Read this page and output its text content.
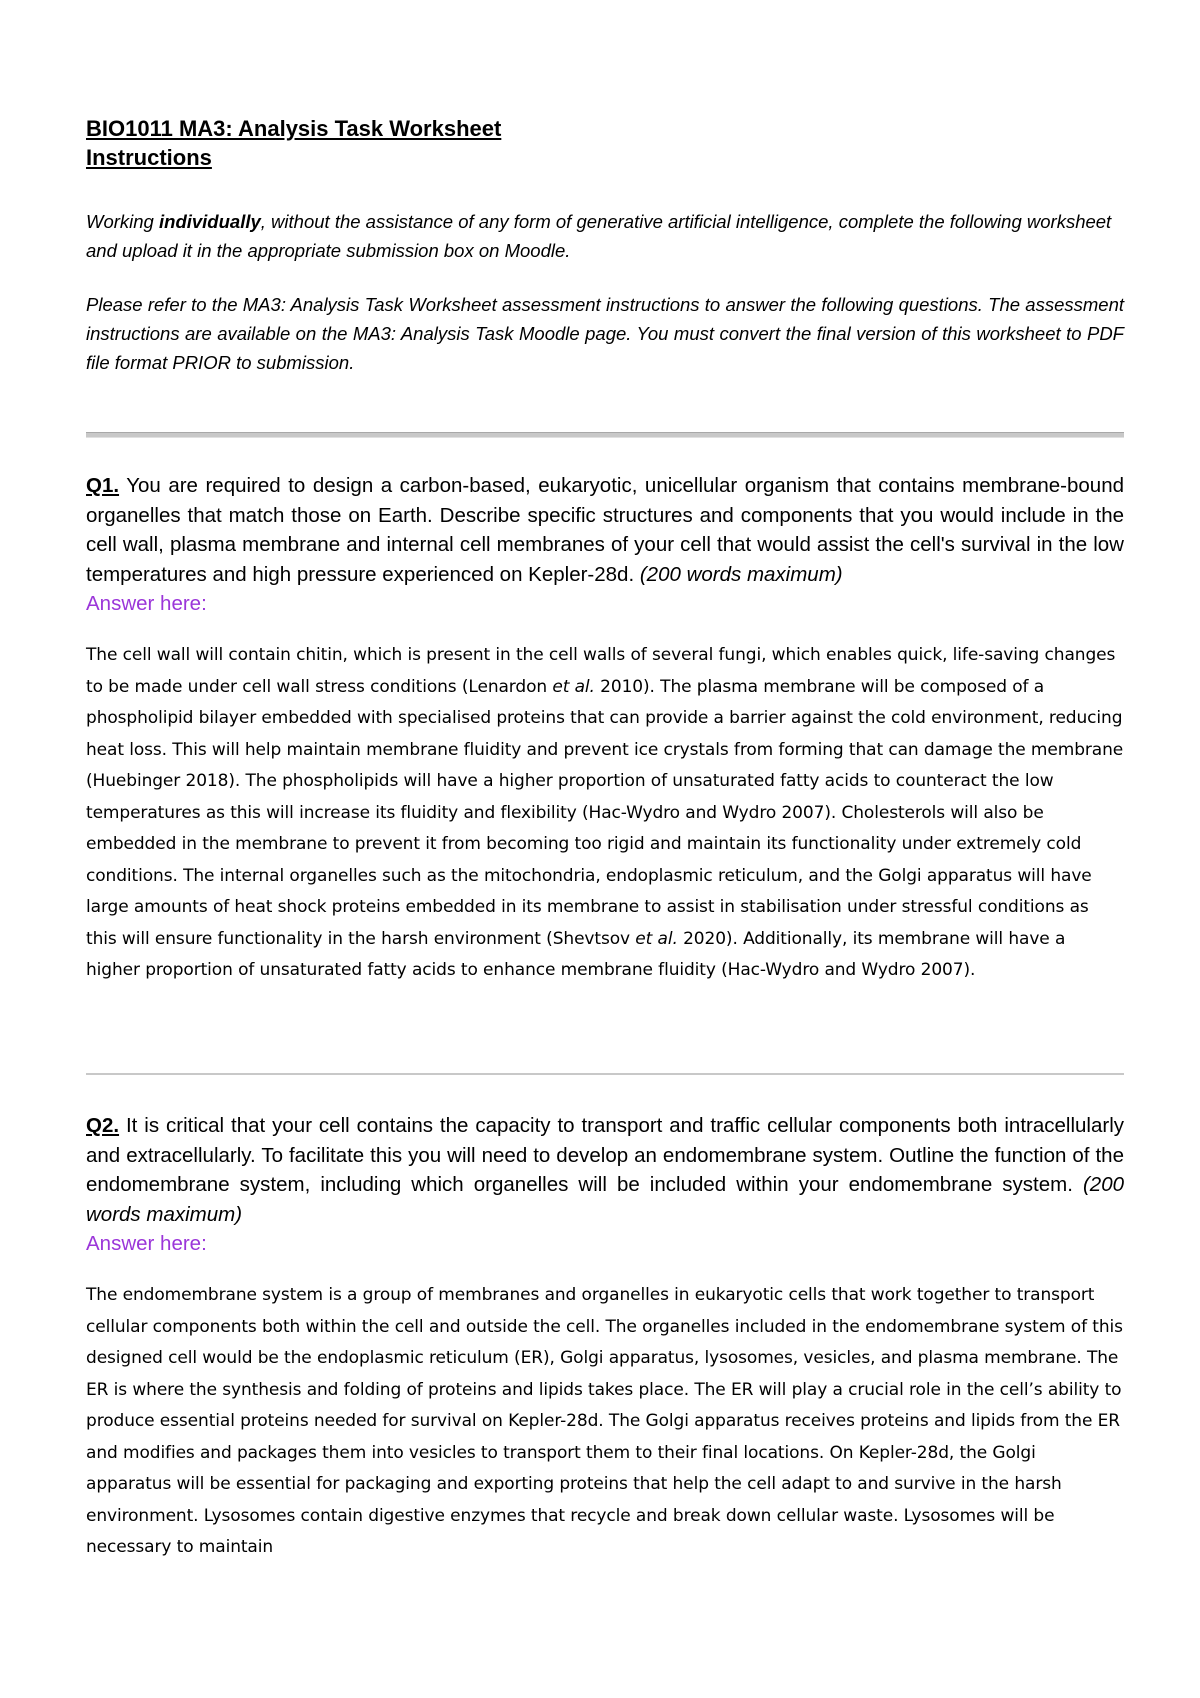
BIO1011 MA3: Analysis Task Worksheet

Instructions

Working individually, without the assistance of any form of generative artificial intelligence, complete the following worksheet and upload it in the appropriate submission box on Moodle.

Please refer to the MA3: Analysis Task Worksheet assessment instructions to answer the following questions. The assessment instructions are available on the MA3: Analysis Task Moodle page. You must convert the final version of this worksheet to PDF file format PRIOR to submission.

Q1. You are required to design a carbon-based, eukaryotic, unicellular organism that contains membrane-bound organelles that match those on Earth. Describe specific structures and components that you would include in the cell wall, plasma membrane and internal cell membranes of your cell that would assist the cell's survival in the low temperatures and high pressure experienced on Kepler-28d. (200 words maximum)

Answer here:

The cell wall will contain chitin, which is present in the cell walls of several fungi, which enables quick, life-saving changes to be made under cell wall stress conditions (Lenardon et al. 2010). The plasma membrane will be composed of a phospholipid bilayer embedded with specialised proteins that can provide a barrier against the cold environment, reducing heat loss. This will help maintain membrane fluidity and prevent ice crystals from forming that can damage the membrane (Huebinger 2018). The phospholipids will have a higher proportion of unsaturated fatty acids to counteract the low temperatures as this will increase its fluidity and flexibility (Hac-Wydro and Wydro 2007). Cholesterols will also be embedded in the membrane to prevent it from becoming too rigid and maintain its functionality under extremely cold conditions. The internal organelles such as the mitochondria, endoplasmic reticulum, and the Golgi apparatus will have large amounts of heat shock proteins embedded in its membrane to assist in stabilisation under stressful conditions as this will ensure functionality in the harsh environment (Shevtsov et al. 2020). Additionally, its membrane will have a higher proportion of unsaturated fatty acids to enhance membrane fluidity (Hac-Wydro and Wydro 2007).

Q2. It is critical that your cell contains the capacity to transport and traffic cellular components both intracellularly and extracellularly. To facilitate this you will need to develop an endomembrane system. Outline the function of the endomembrane system, including which organelles will be included within your endomembrane system. (200 words maximum)

Answer here:

The endomembrane system is a group of membranes and organelles in eukaryotic cells that work together to transport cellular components both within the cell and outside the cell. The organelles included in the endomembrane system of this designed cell would be the endoplasmic reticulum (ER), Golgi apparatus, lysosomes, vesicles, and plasma membrane. The ER is where the synthesis and folding of proteins and lipids takes place. The ER will play a crucial role in the cell’s ability to produce essential proteins needed for survival on Kepler-28d. The Golgi apparatus receives proteins and lipids from the ER and modifies and packages them into vesicles to transport them to their final locations. On Kepler-28d, the Golgi apparatus will be essential for packaging and exporting proteins that help the cell adapt to and survive in the harsh environment. Lysosomes contain digestive enzymes that recycle and break down cellular waste. Lysosomes will be necessary to maintain
